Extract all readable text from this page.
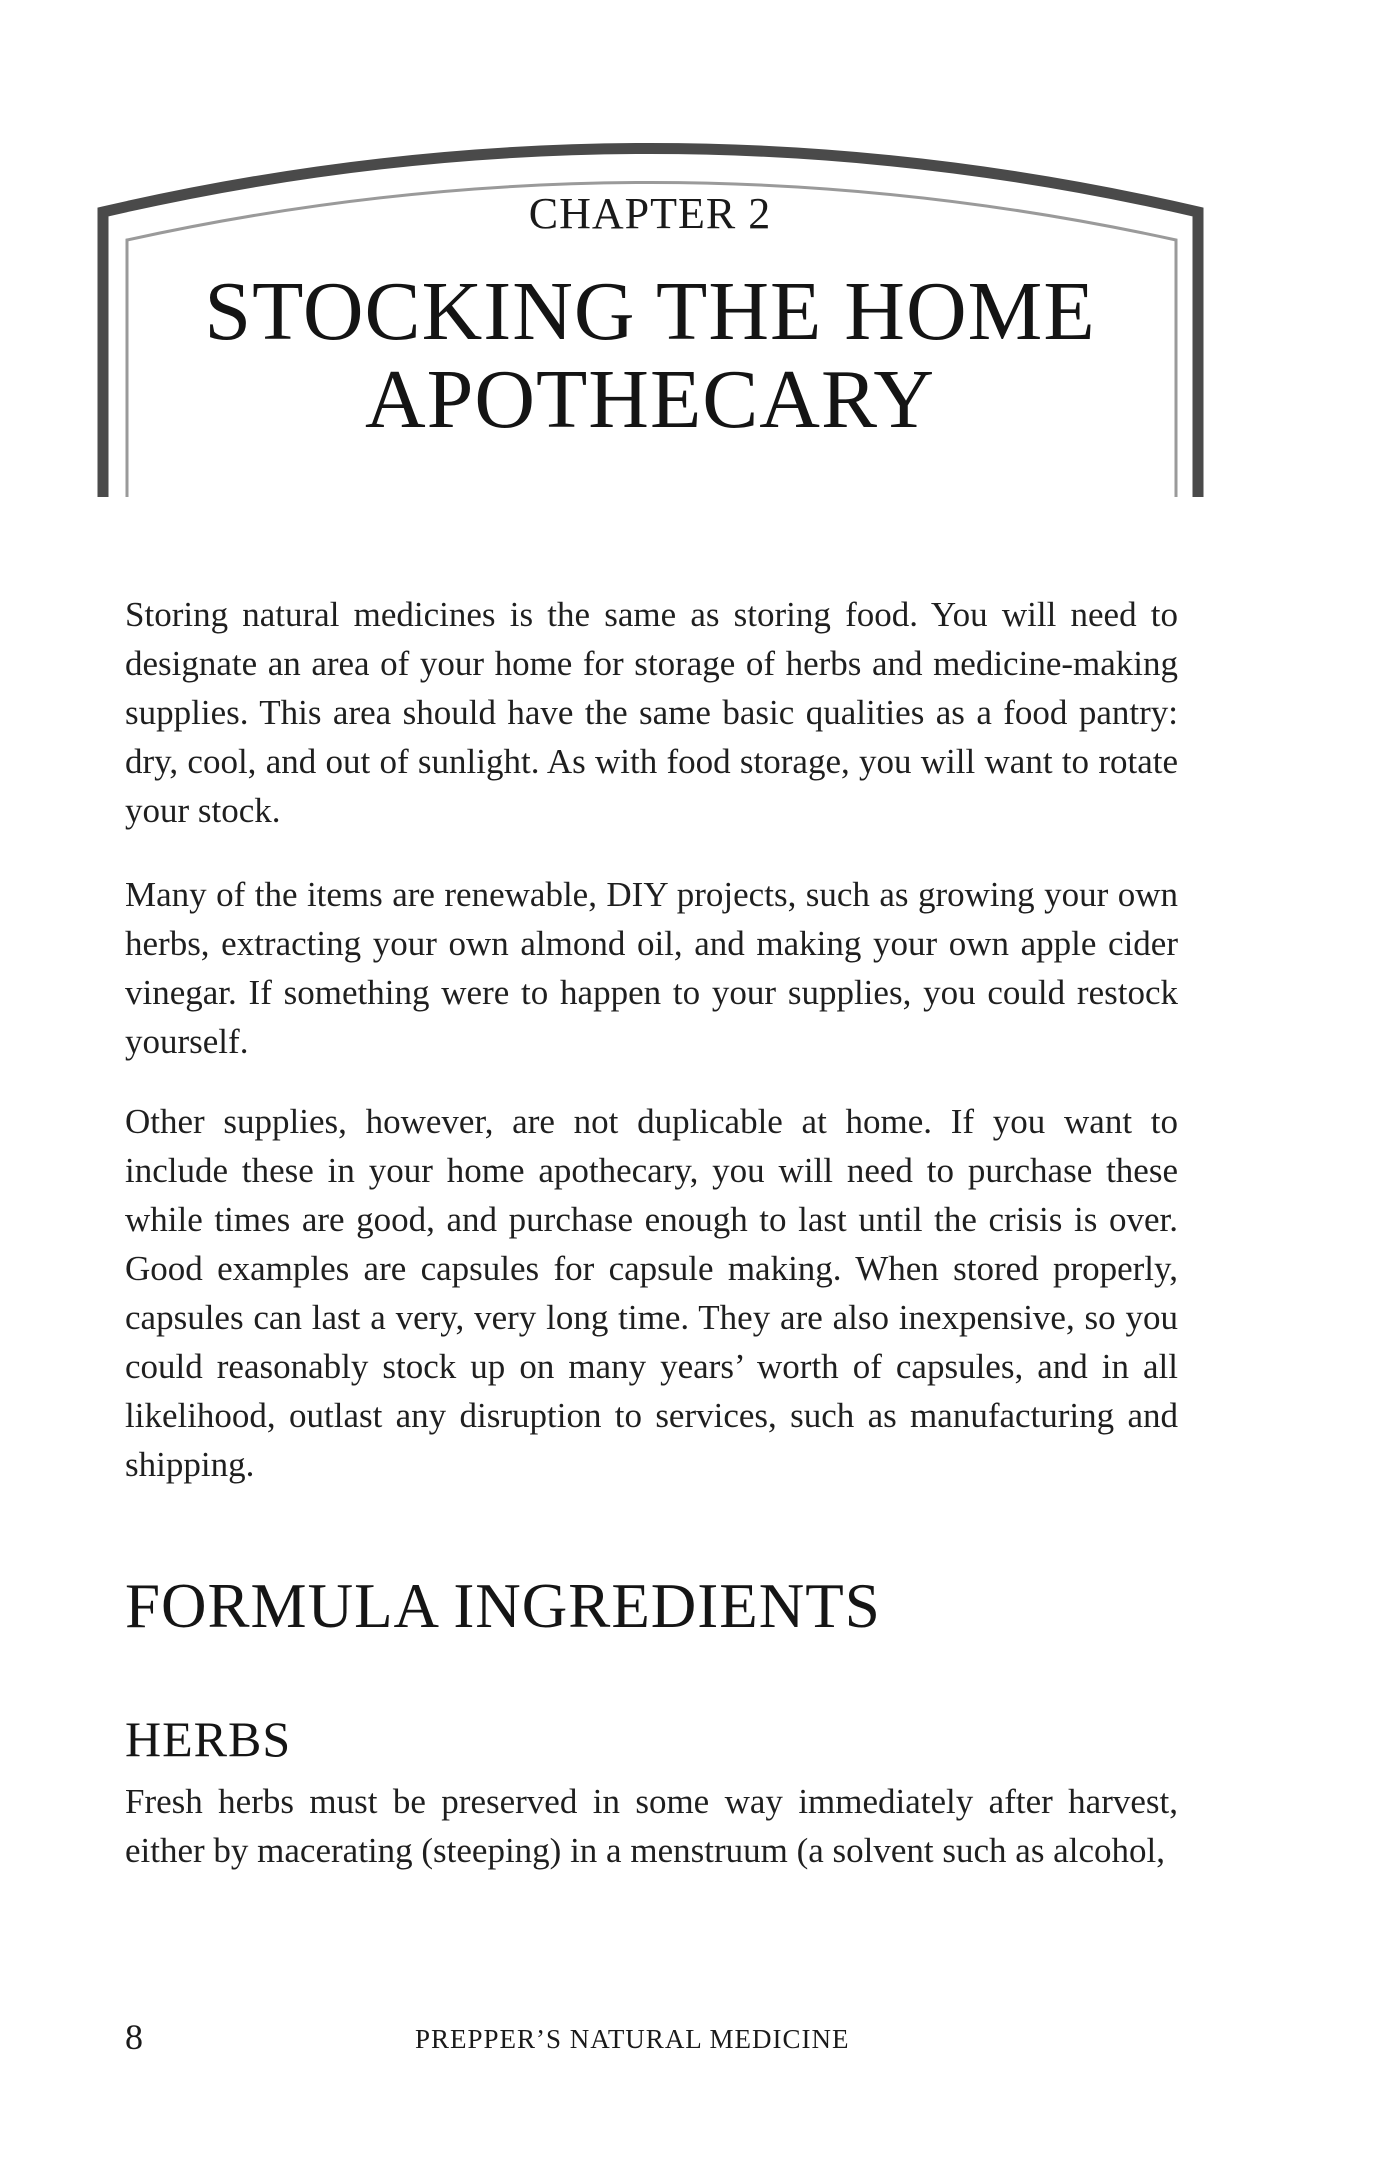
CHAPTER 2
STOCKING THE HOME
APOTHECARY

Storing natural medicines is the same as storing food. You will need to designate an area of your home for storage of herbs and medicine-making supplies. This area should have the same basic qualities as a food pantry: dry, cool, and out of sunlight. As with food storage, you will want to rotate your stock.

Many of the items are renewable, DIY projects, such as growing your own herbs, extracting your own almond oil, and making your own apple cider vinegar. If something were to happen to your supplies, you could restock yourself.

Other supplies, however, are not duplicable at home. If you want to include these in your home apothecary, you will need to purchase these while times are good, and purchase enough to last until the crisis is over. Good examples are capsules for capsule making. When stored properly, capsules can last a very, very long time. They are also inexpensive, so you could reasonably stock up on many years’ worth of capsules, and in all likelihood, outlast any disruption to services, such as manufacturing and shipping.

FORMULA INGREDIENTS
HERBS

Fresh herbs must be preserved in some way immediately after harvest, either by macerating (steeping) in a menstruum (a solvent such as alcohol,

8	PREPPER’S NATURAL MEDICINE
